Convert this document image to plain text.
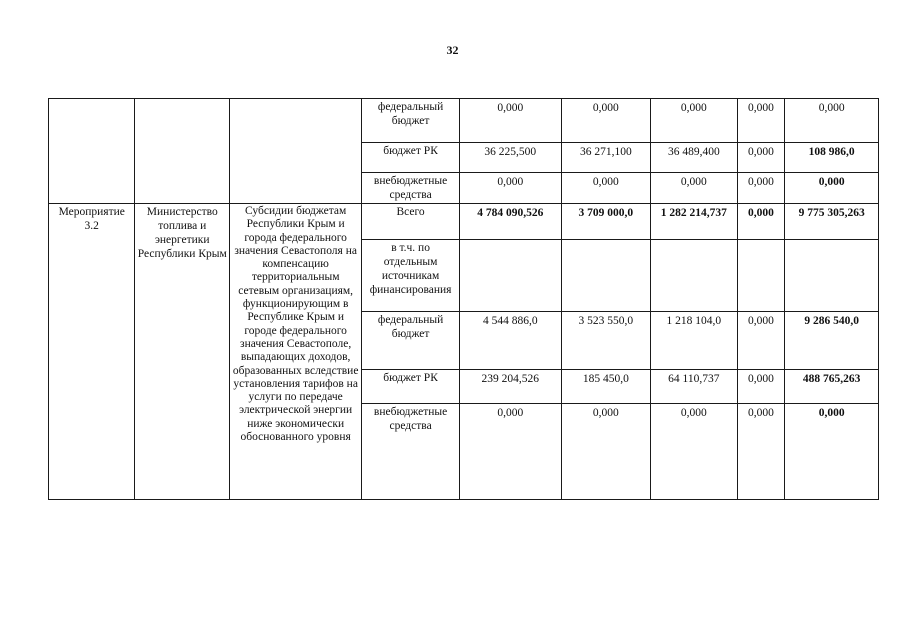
32
			федеральный бюджет	0,000	0,000	0,000	0,000	0,000
			бюджет РК	36 225,500	36 271,100	36 489,400	0,000	108 986,0
			внебюджетные средства	0,000	0,000	0,000	0,000	0,000
Мероприятие 3.2	Министерство топлива и энергетики Республики Крым	Субсидии бюджетам Республики Крым и города федерального значения Севастополя на компенсацию территориальным сетевым организациям, функционирующим в Республике Крым и городе федерального значения Севастополе, выпадающих доходов, образованных вследствие установления тарифов на услуги по передаче электрической энергии ниже экономически обоснованного уровня	Всего	4 784 090,526	3 709 000,0	1 282 214,737	0,000	9 775 305,263
			в т.ч. по отдельным источникам финансирования					
			федеральный бюджет	4 544 886,0	3 523 550,0	1 218 104,0	0,000	9 286 540,0
			бюджет РК	239 204,526	185 450,0	64 110,737	0,000	488 765,263
			внебюджетные средства	0,000	0,000	0,000	0,000	0,000
